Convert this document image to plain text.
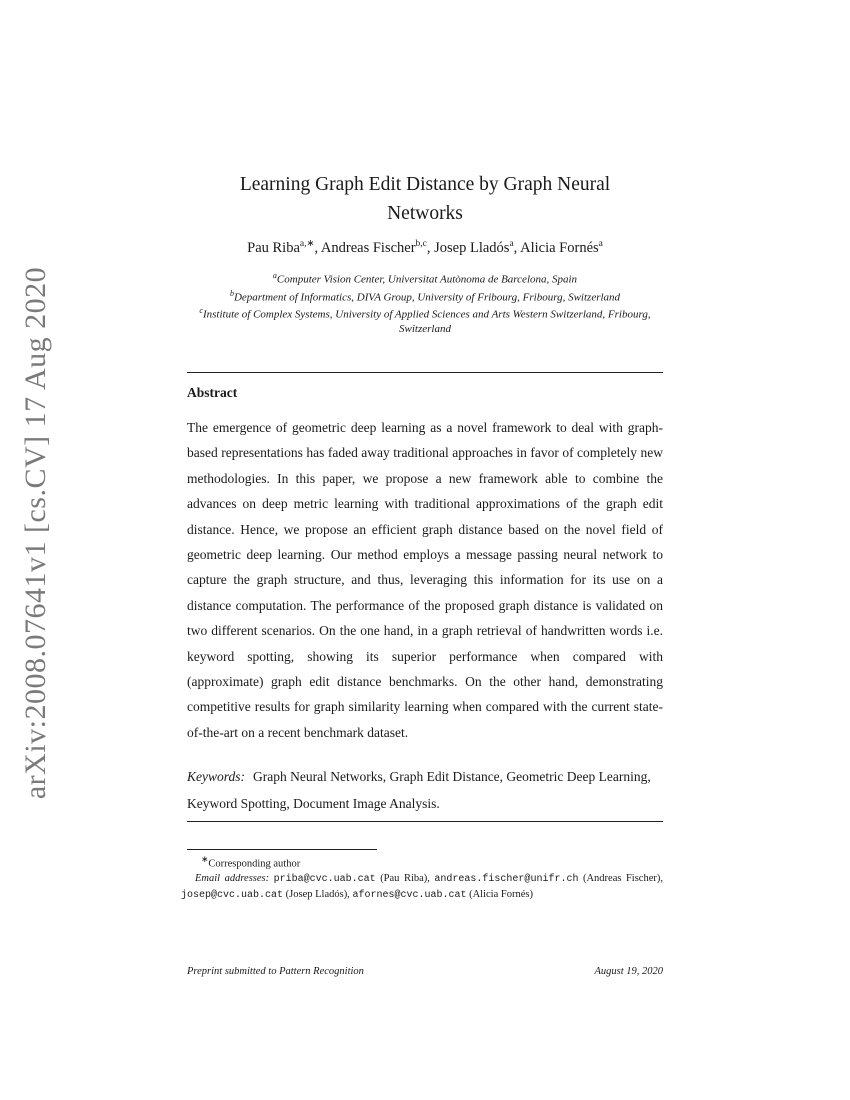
arXiv:2008.07641v1 [cs.CV] 17 Aug 2020
Learning Graph Edit Distance by Graph Neural
Networks
Pau Riba$^{a,∗}$, Andreas Fischer$^{b,c}$, Josep Lladós$^a$, Alicia Fornés$^a$
$^a$Computer Vision Center, Universitat Autònoma de Barcelona, Spain
$^b$Department of Informatics, DIVA Group, University of Fribourg, Fribourg, Switzerland
$^c$Institute of Complex Systems, University of Applied Sciences and Arts Western Switzerland, Fribourg, Switzerland
Abstract
The emergence of geometric deep learning as a novel framework to deal with graph-based representations has faded away traditional approaches in favor of completely new methodologies. In this paper, we propose a new framework able to combine the advances on deep metric learning with traditional approximations of the graph edit distance. Hence, we propose an efficient graph distance based on the novel field of geometric deep learning. Our method employs a message passing neural network to capture the graph structure, and thus, leveraging this information for its use on a distance computation. The performance of the proposed graph distance is validated on two different scenarios. On the one hand, in a graph retrieval of handwritten words i.e. keyword spotting, showing its superior performance when compared with (approximate) graph edit distance benchmarks. On the other hand, demonstrating competitive results for graph similarity learning when compared with the current state-of-the-art on a recent benchmark dataset.
Keywords: Graph Neural Networks, Graph Edit Distance, Geometric Deep Learning, Keyword Spotting, Document Image Analysis.
∗Corresponding author
Email addresses: priba@cvc.uab.cat (Pau Riba), andreas.fischer@unifr.ch (Andreas Fischer), josep@cvc.uab.cat (Josep Lladós), afornes@cvc.uab.cat (Alicia Fornés)
Preprint submitted to Pattern Recognition	August 19, 2020
